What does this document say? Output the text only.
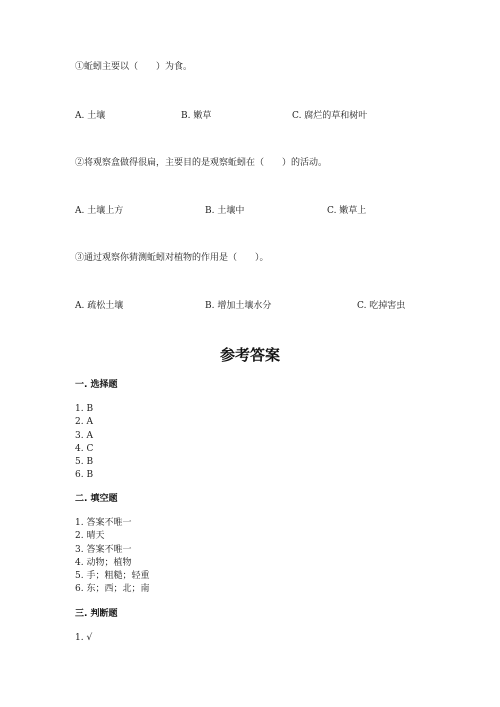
①蚯蚓主要以（　　）为食。
A. 土壤	B. 嫩草	C. 腐烂的草和树叶
②将观察盒做得很扁，主要目的是观察蚯蚓在（　　）的活动。
A. 土壤上方	B. 土壤中	C. 嫩草上
③通过观察你猜测蚯蚓对植物的作用是（　　）。
A. 疏松土壤	B. 增加土壤水分	C. 吃掉害虫
参考答案
一. 选择题
1. B
2. A
3. A
4. C
5. B
6. B
二. 填空题
1. 答案不唯一
2. 晴天
3. 答案不唯一
4. 动物；植物
5. 手；粗糙；轻重
6. 东；西；北；南
三. 判断题
1. √
